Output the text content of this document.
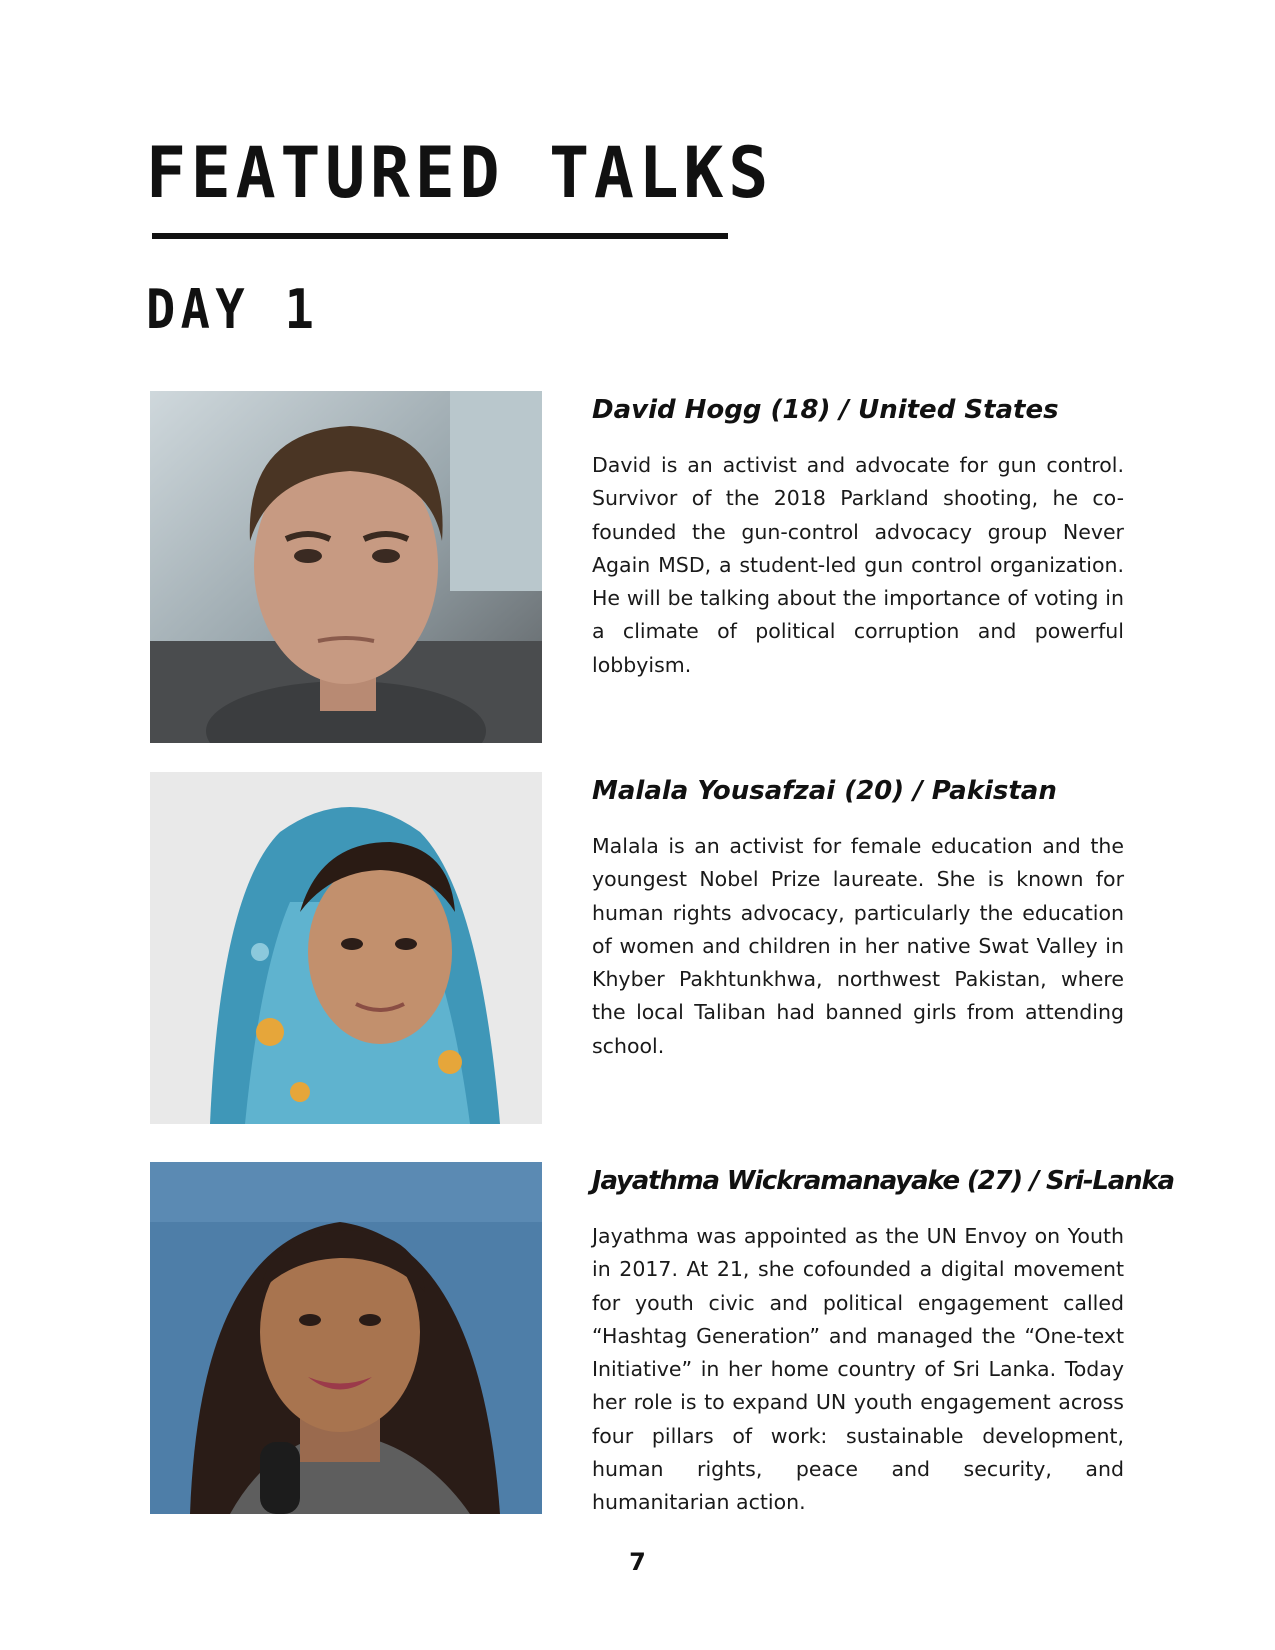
FEATURED TALKS
DAY 1
David Hogg (18) / United States
David is an activist and advocate for gun control. Survivor of the 2018 Parkland shooting, he co-founded the gun-control advocacy group Never Again MSD, a student-led gun control organization. He will be talking about the importance of voting in a climate of political corruption and powerful lobbyism.
Malala Yousafzai (20) / Pakistan
Malala is an activist for female education and the youngest Nobel Prize laureate. She is known for human rights advocacy, particularly the education of women and children in her native Swat Valley in Khyber Pakhtunkhwa, northwest Pakistan, where the local Taliban had banned girls from attending school.
Jayathma Wickramanayake (27) / Sri-Lanka
Jayathma was appointed as the UN Envoy on Youth in 2017. At 21, she cofounded a digital movement for youth civic and political engagement called “Hashtag Generation” and managed the “One-text Initiative” in her home country of Sri Lanka. Today her role is to expand UN youth engagement across four pillars of work: sustainable development, human rights, peace and security, and humanitarian action.
7
